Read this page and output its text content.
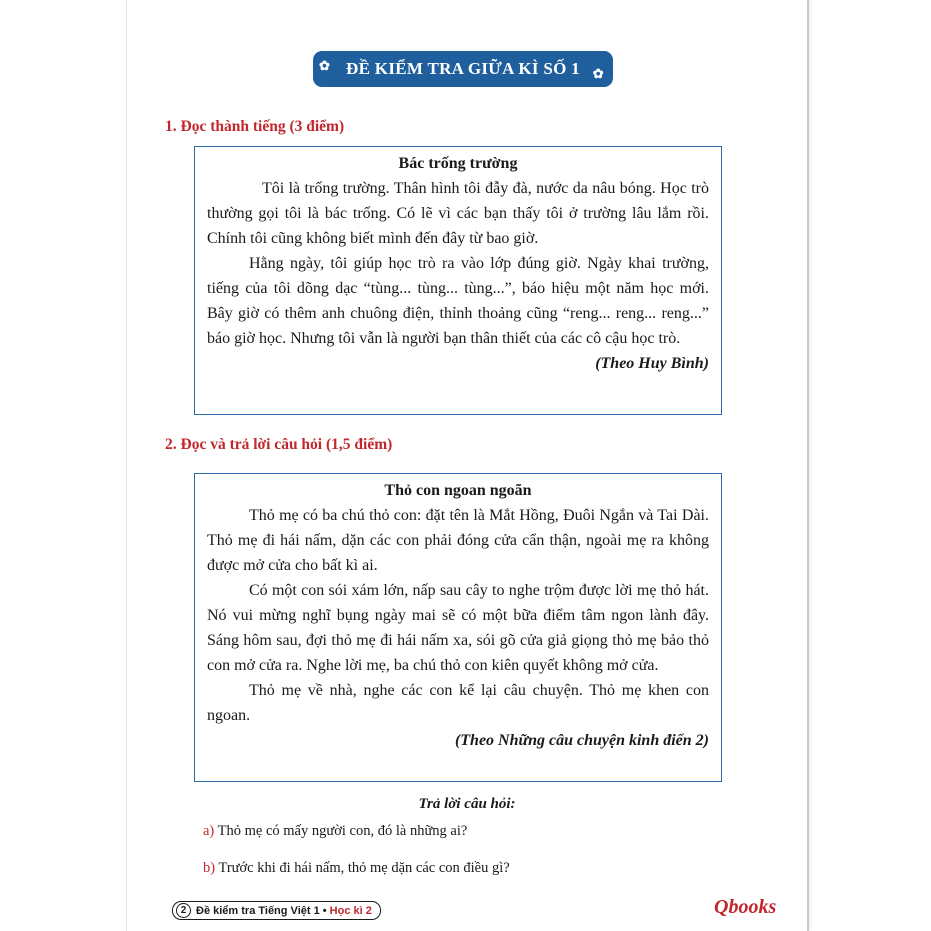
✿ ĐỀ KIỂM TRA GIỮA KÌ SỐ 1 ✿
1. Đọc thành tiếng (3 điểm)
Bác trống trường

Tôi là trống trường. Thân hình tôi đẫy đà, nước da nâu bóng. Học trò thường gọi tôi là bác trống. Có lẽ vì các bạn thấy tôi ở trường lâu lắm rồi. Chính tôi cũng không biết mình đến đây từ bao giờ.

Hằng ngày, tôi giúp học trò ra vào lớp đúng giờ. Ngày khai trường, tiếng của tôi dõng dạc “tùng... tùng... tùng...”, báo hiệu một năm học mới. Bây giờ có thêm anh chuông điện, thỉnh thoảng cũng “reng... reng... reng...” báo giờ học. Nhưng tôi vẫn là người bạn thân thiết của các cô cậu học trò.

(Theo Huy Bình)
2. Đọc và trả lời câu hỏi (1,5 điểm)
Thỏ con ngoan ngoãn

Thỏ mẹ có ba chú thỏ con: đặt tên là Mắt Hồng, Đuôi Ngắn và Tai Dài. Thỏ mẹ đi hái nấm, dặn các con phải đóng cửa cẩn thận, ngoài mẹ ra không được mở cửa cho bất kì ai.

Có một con sói xám lớn, nấp sau cây to nghe trộm được lời mẹ thỏ hát. Nó vui mừng nghĩ bụng ngày mai sẽ có một bữa điểm tâm ngon lành đây. Sáng hôm sau, đợi thỏ mẹ đi hái nấm xa, sói gõ cửa giả giọng thỏ mẹ bảo thỏ con mở cửa ra. Nghe lời mẹ, ba chú thỏ con kiên quyết không mở cửa.

Thỏ mẹ về nhà, nghe các con kể lại câu chuyện. Thỏ mẹ khen con ngoan.

(Theo Những câu chuyện kinh điển 2)
Trả lời câu hỏi:
a) Thỏ mẹ có mấy người con, đó là những ai?
b) Trước khi đi hái nấm, thỏ mẹ dặn các con điều gì?
2 Đề kiểm tra Tiếng Việt 1 •
Học kì 2	Qbooks
